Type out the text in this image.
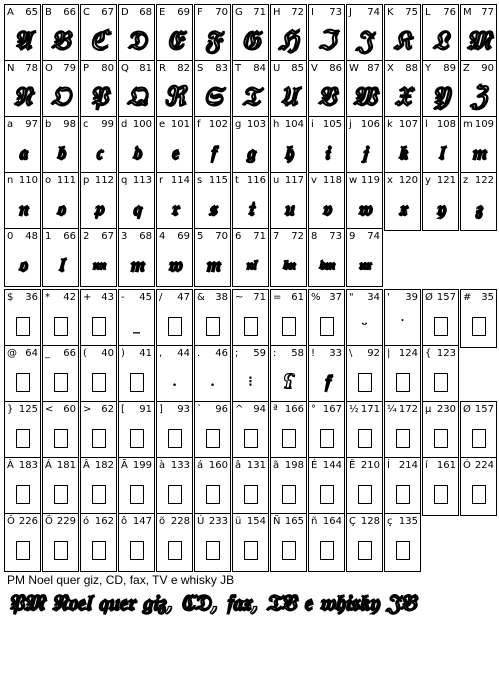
A 65
𝔄
B 66
𝔅
C 67
ℭ
D 68
𝔇
E 69
𝔈
F 70
𝔉
G 71
𝔊
H 72
ℌ
I 73
ℑ
J 74
𝔍
K 75
𝔎
L 76
𝔏
M 77
𝔐
N 78
𝔑
O 79
𝔒
P 80
𝔓
Q 81
𝔔
R 82
ℜ
S 83
𝔖
T 84
𝔗
U 85
𝔘
V 86
𝔙
W 87
𝔚
X 88
𝔛
Y 89
𝔜
Z 90
ℨ
a 97
𝔞
b 98
𝔟
c 99
𝔠
d 100
𝔡
e 101
𝔢
f 102
𝔣
g 103
𝔤
h 104
𝔥
i 105
𝔦
j 106
𝔧
k 107
𝔨
l 108
𝔩
m 109
𝔪
n 110
𝔫
o 111
𝔬
p 112
𝔭
q 113
𝔮
r 114
𝔯
s 115
𝔰
t 116
𝔱
u 117
𝔲
v 118
𝔳
w 119
𝔴
x 120
𝔵
y 121
𝔶
z 122
𝔷
0 48
𝔬
1 66
𝔩
2 67
𝔫𝔫
3 68
𝔪
4 69
𝔴
5 70
𝔪
6 71
𝔫𝔩
7 72
𝔟𝔫
8 73
𝔡𝔪
9 74
𝔲𝔵
$ 36 * 42 + 43 - 45
_
/ 47 & 38 ~ 71 = 61 % 37 " 34
ᵕ
' 39
˙
Ø 157 # 35
@ 64 _ 66 ( 40 ) 41 , 44
.
. 46
.
; 59
⁝
: 58
ʕ
! 33
𝔣
\ 92 | 124 { 123
} 125 < 60 > 62 [ 91 ] 93 ` 96 ^ 94 ª 166 ° 167 ½ 171 ¼ 172 µ 230 Ø 157
À 183 Á 181 Â 182 Ã 199 à 133 á 160 â 131 ã 198 É 144 Ê 210 Í 214 í 161 Ó 224
Ô 226 Õ 229 ó 162 ô 147 õ 228 Ú 233 ü 154 Ñ 165 ñ 164 Ç 128 ç 135
PM Noel quer giz, CD, fax, TV e whisky JB
𝔓𝔐 𝔑𝔬𝔢𝔩 𝔮𝔲𝔢𝔯 𝔤𝔦𝔷, ℭ𝔇, 𝔣𝔞𝔵, 𝔗𝔙 𝔢 𝔴𝔥𝔦𝔰𝔨𝔶 𝔍𝔅
